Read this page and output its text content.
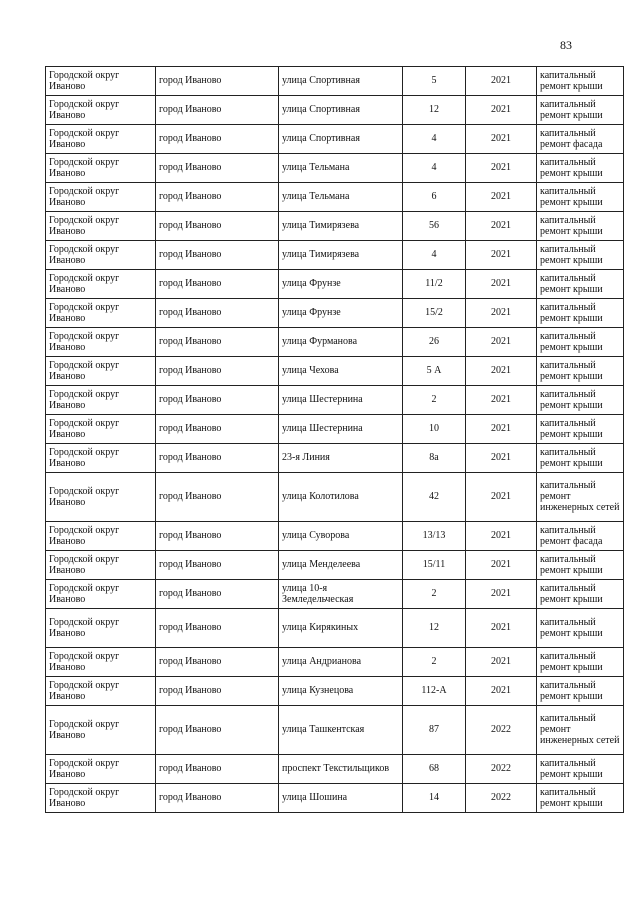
83
Городской округ Иваново	город Иваново	улица Спортивная	5	2021	капитальный ремонт крыши
Городской округ Иваново	город Иваново	улица Спортивная	12	2021	капитальный ремонт крыши
Городской округ Иваново	город Иваново	улица Спортивная	4	2021	капитальный ремонт фасада
Городской округ Иваново	город Иваново	улица Тельмана	4	2021	капитальный ремонт крыши
Городской округ Иваново	город Иваново	улица Тельмана	6	2021	капитальный ремонт крыши
Городской округ Иваново	город Иваново	улица Тимирязева	56	2021	капитальный ремонт крыши
Городской округ Иваново	город Иваново	улица Тимирязева	4	2021	капитальный ремонт крыши
Городской округ Иваново	город Иваново	улица Фрунзе	11/2	2021	капитальный ремонт крыши
Городской округ Иваново	город Иваново	улица Фрунзе	15/2	2021	капитальный ремонт крыши
Городской округ Иваново	город Иваново	улица Фурманова	26	2021	капитальный ремонт крыши
Городской округ Иваново	город Иваново	улица Чехова	5 А	2021	капитальный ремонт крыши
Городской округ Иваново	город Иваново	улица Шестернина	2	2021	капитальный ремонт крыши
Городской округ Иваново	город Иваново	улица Шестернина	10	2021	капитальный ремонт крыши
Городской округ Иваново	город Иваново	23-я Линия	8а	2021	капитальный ремонт крыши
Городской округ Иваново	город Иваново	улица Колотилова	42	2021	капитальный ремонт инженерных сетей
Городской округ Иваново	город Иваново	улица Суворова	13/13	2021	капитальный ремонт фасада
Городской округ Иваново	город Иваново	улица Менделеева	15/11	2021	капитальный ремонт крыши
Городской округ Иваново	город Иваново	улица 10-я Земледельческая	2	2021	капитальный ремонт крыши
Городской округ Иваново	город Иваново	улица Кирякиных	12	2021	капитальный ремонт крыши
Городской округ Иваново	город Иваново	улица Андрианова	2	2021	капитальный ремонт крыши
Городской округ Иваново	город Иваново	улица Кузнецова	112-А	2021	капитальный ремонт крыши
Городской округ Иваново	город Иваново	улица Ташкентская	87	2022	капитальный ремонт инженерных сетей
Городской округ Иваново	город Иваново	проспект Текстильщиков	68	2022	капитальный ремонт крыши
Городской округ Иваново	город Иваново	улица Шошина	14	2022	капитальный ремонт крыши
